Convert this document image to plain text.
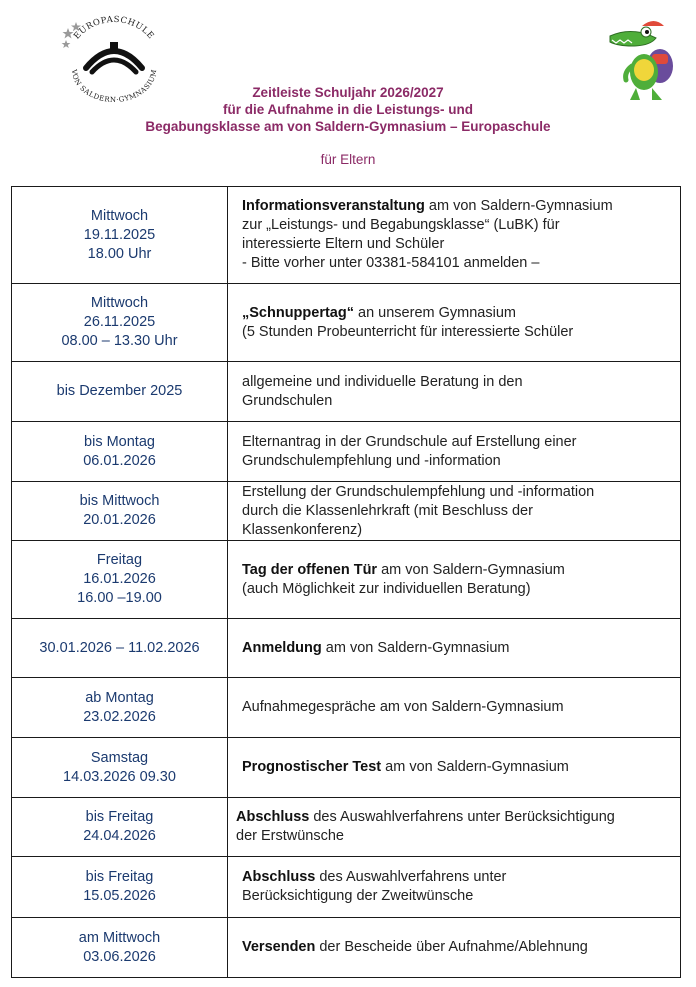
EUROPASCHULE
VON SALDERN·GYMNASIUM
Zeitleiste Schuljahr 2026/2027
für die Aufnahme in die Leistungs- und
Begabungsklasse am von Saldern-Gymnasium – Europaschule
für Eltern
Mittwoch
19.11.2025
18.00 Uhr	Informationsveranstaltung am von Saldern-Gymnasium
zur „Leistungs- und Begabungsklasse“ (LuBK) für
interessierte Eltern und Schüler
- Bitte vorher unter 03381-584101 anmelden –

Mittwoch
26.11.2025
08.00 – 13.30 Uhr	„Schnuppertag“ an unserem Gymnasium
(5 Stunden Probeunterricht für interessierte Schüler

bis Dezember 2025	allgemeine und individuelle Beratung in den
Grundschulen

bis Montag
06.01.2026	Elternantrag in der Grundschule auf Erstellung einer
Grundschulempfehlung und -information

bis Mittwoch
20.01.2026	Erstellung der Grundschulempfehlung und -information
durch die Klassenlehrkraft (mit Beschluss der
Klassenkonferenz)

Freitag
16.01.2026
16.00 –19.00	Tag der offenen Tür am von Saldern-Gymnasium
(auch Möglichkeit zur individuellen Beratung)

30.01.2026 – 11.02.2026	Anmeldung am von Saldern-Gymnasium

ab Montag
23.02.2026	Aufnahmegespräche am von Saldern-Gymnasium

Samstag
14.03.2026 09.30	Prognostischer Test am von Saldern-Gymnasium

bis Freitag
24.04.2026	Abschluss des Auswahlverfahrens unter Berücksichtigung
der Erstwünsche

bis Freitag
15.05.2026	Abschluss des Auswahlverfahrens unter
Berücksichtigung der Zweitwünsche

am Mittwoch
03.06.2026	Versenden der Bescheide über Aufnahme/Ablehnung
